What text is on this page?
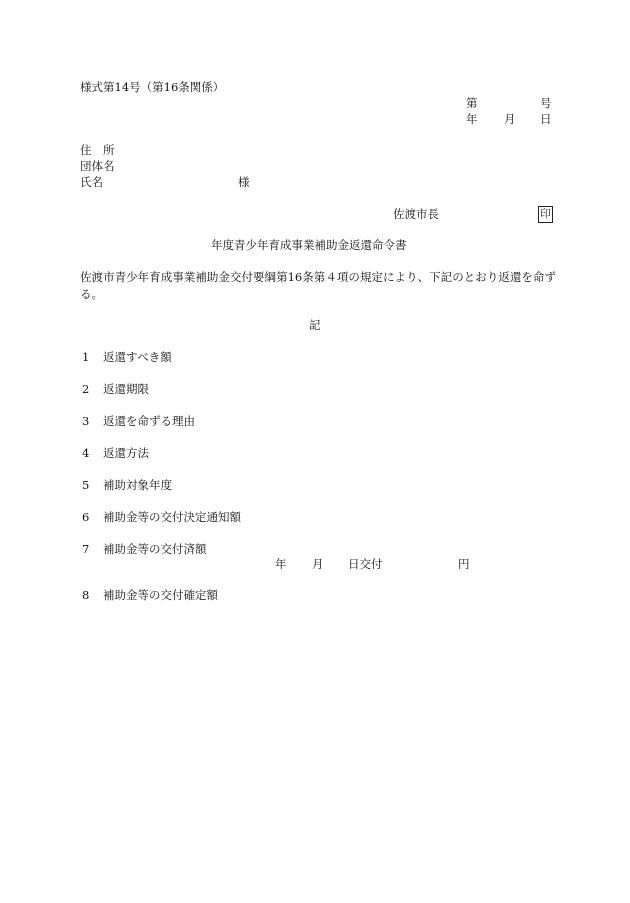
様式第14号（第16条関係）
第	号
年 月 日
住　所
団体名
氏名	様
佐渡市長	印
年度青少年育成事業補助金返還命令書
佐渡市青少年育成事業補助金交付要綱第16条第４項の規定により、下記のとおり返還を命ずる。
記
1 返還すべき額
2 返還期限
3 返還を命ずる理由
4 返還方法
5 補助対象年度
6 補助金等の交付決定通知額
7 補助金等の交付済額
年 月 日交付	円
8 補助金等の交付確定額
